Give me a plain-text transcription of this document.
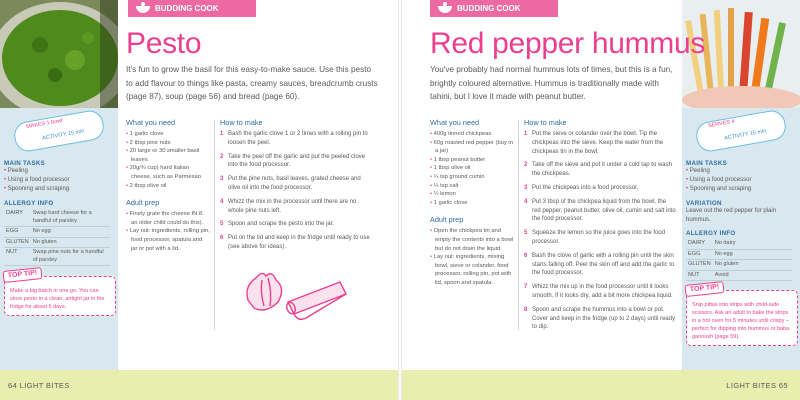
MAKES 1 bowl
ACTIVITY 15 min
MAIN TASKS
• Peeling
• Using a food processor
• Spooning and scraping
ALLERGY INFO
DAIRY	Swap hard cheese for a handful of parsley
EGG	No egg
GLUTEN	No gluten
NUT	Swap pine nuts for a handful of parsley
TOP TIP!
Make a big batch in one go. You can store pesto in a clean, airtight jar in the fridge for about 5 days.
BUDDING COOK
Pesto
It's fun to grow the basil for this easy-to-make sauce. Use this pesto to add flavour to things like pasta, creamy sauces, breadcrumb crusts (page 87), soup (page 56) and bread (page 60).
What you need
• 1 garlic clove
• 2 tbsp pine nuts
• 20 large or 30 smaller basil leaves
• 20g/¾ cup) hard Italian cheese, such as Parmesan
• 2 tbsp olive oil
Adult prep
• Finely grate the cheese IN 8. an older child could do this).
• Lay out: ingredients, rolling pin, food processor, spatula and jar or pot with a lid.
How to make
1 Bash the garlic clove 1 or 2 times with a rolling pin to loosen the peel.
2 Take the peel off the garlic and put the peeled clove into the food processor.
3 Put the pine nuts, basil leaves, grated cheese and olive oil into the food processor.
4 Whizz the mix in the processor until there are no whole pine nuts left.
5 Spoon and scrape the pesto into the jar.
6 Put on the lid and keep in the fridge until ready to use (see above for ideas).
64 LIGHT BITES
SERVES 4
ACTIVITY 15 min
MAIN TASKS
• Peeling
• Using a food processor
• Spooning and scraping
VARIATION
Leave out the red pepper for plain hummus.
ALLERGY INFO
DAIRY	No dairy
EGG	No egg
GLUTEN	No gluten
NUT	Avoid
TOP TIP!
Snip pittas into strips with child-safe scissors. Ask an adult to bake the strips in a hot oven for 5 minutes until crispy – perfect for dipping into hummus or baba ganoush (page 59).
BUDDING COOK
Red pepper hummus
You've probably had normal hummus lots of times, but this is a fun, brightly coloured alternative. Hummus is traditionally made with tahini, but I love it made with peanut butter.
What you need
• 400g tinned chickpeas
• 60g roasted red pepper (buy in a jar)
• 1 tbsp peanut butter
• 1 tbsp olive oil
• ¼ tsp ground cumin
• ¼ tsp salt
• ¼ lemon
• 1 garlic clove
Adult prep
• Open the chickpea tin and empty the contents into a bowl but do not drain the liquid.
• Lay out: ingredients, mixing bowl, sieve or colander, food processor, rolling pin, pot with lid, spoon and spatula.
How to make
1 Put the sieve or colander over the bowl. Tip the chickpeas into the sieve. Keep the water from the chickpeas tin in the bowl.
2 Take off the sieve and put it under a cold tap to wash the chickpeas.
3 Put the chickpeas into a food processor.
4 Put 3 tbsp of the chickpea liquid from the bowl, the red pepper, peanut butter, olive oil, cumin and salt into the food processor.
5 Squeeze the lemon so the juice goes into the food processor.
6 Bash the clove of garlic with a rolling pin until the skin starts falling off. Peel the skin off and add the garlic to the food processor.
7 Whizz the mix up in the food processor until it looks smooth. If it looks dry, add a bit more chickpea liquid.
8 Spoon and scrape the hummus into a bowl or pot. Cover and keep in the fridge (up to 2 days) until ready to dip.
LIGHT BITES 65
